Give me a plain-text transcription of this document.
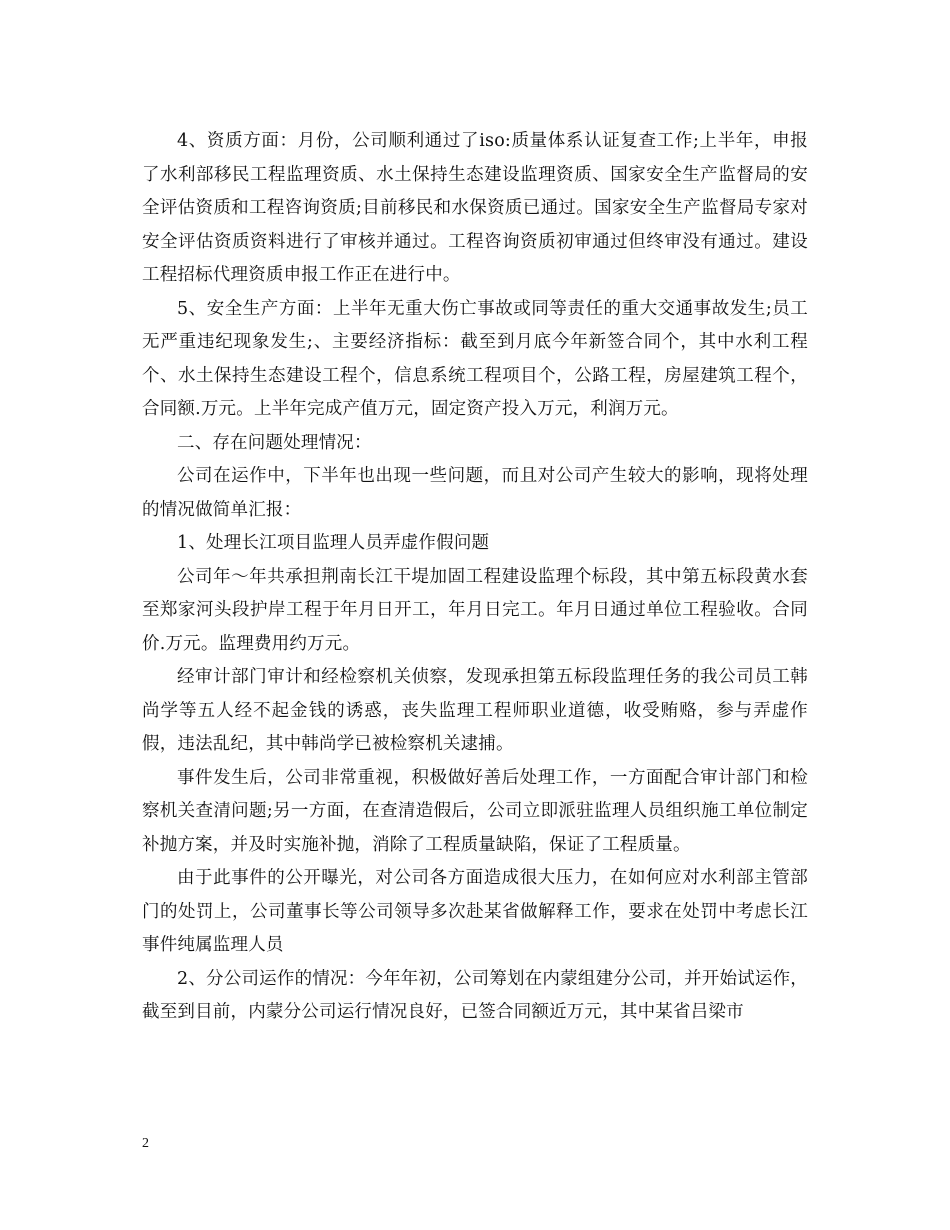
4、资质方面：月份，公司顺利通过了iso:质量体系认证复查工作;上半年，申报了水利部移民工程监理资质、水土保持生态建设监理资质、国家安全生产监督局的安全评估资质和工程咨询资质;目前移民和水保资质已通过。国家安全生产监督局专家对安全评估资质资料进行了审核并通过。工程咨询资质初审通过但终审没有通过。建设工程招标代理资质申报工作正在进行中。

5、安全生产方面：上半年无重大伤亡事故或同等责任的重大交通事故发生;员工无严重违纪现象发生;、主要经济指标：截至到月底今年新签合同个，其中水利工程个、水土保持生态建设工程个，信息系统工程项目个，公路工程，房屋建筑工程个，合同额.万元。上半年完成产值万元，固定资产投入万元，利润万元。

二、存在问题处理情况：

公司在运作中，下半年也出现一些问题，而且对公司产生较大的影响，现将处理的情况做简单汇报：

1、处理长江项目监理人员弄虚作假问题

公司年～年共承担荆南长江干堤加固工程建设监理个标段，其中第五标段黄水套至郑家河头段护岸工程于年月日开工，年月日完工。年月日通过单位工程验收。合同价.万元。监理费用约万元。

经审计部门审计和经检察机关侦察，发现承担第五标段监理任务的我公司员工韩尚学等五人经不起金钱的诱惑，丧失监理工程师职业道德，收受贿赂，参与弄虚作假，违法乱纪，其中韩尚学已被检察机关逮捕。

事件发生后，公司非常重视，积极做好善后处理工作，一方面配合审计部门和检察机关查清问题;另一方面，在查清造假后，公司立即派驻监理人员组织施工单位制定补抛方案，并及时实施补抛，消除了工程质量缺陷，保证了工程质量。

由于此事件的公开曝光，对公司各方面造成很大压力，在如何应对水利部主管部门的处罚上，公司董事长等公司领导多次赴某省做解释工作，要求在处罚中考虑长江事件纯属监理人员

2、分公司运作的情况：今年年初，公司筹划在内蒙组建分公司，并开始试运作，截至到目前，内蒙分公司运行情况良好，已签合同额近万元，其中某省吕梁市

2
